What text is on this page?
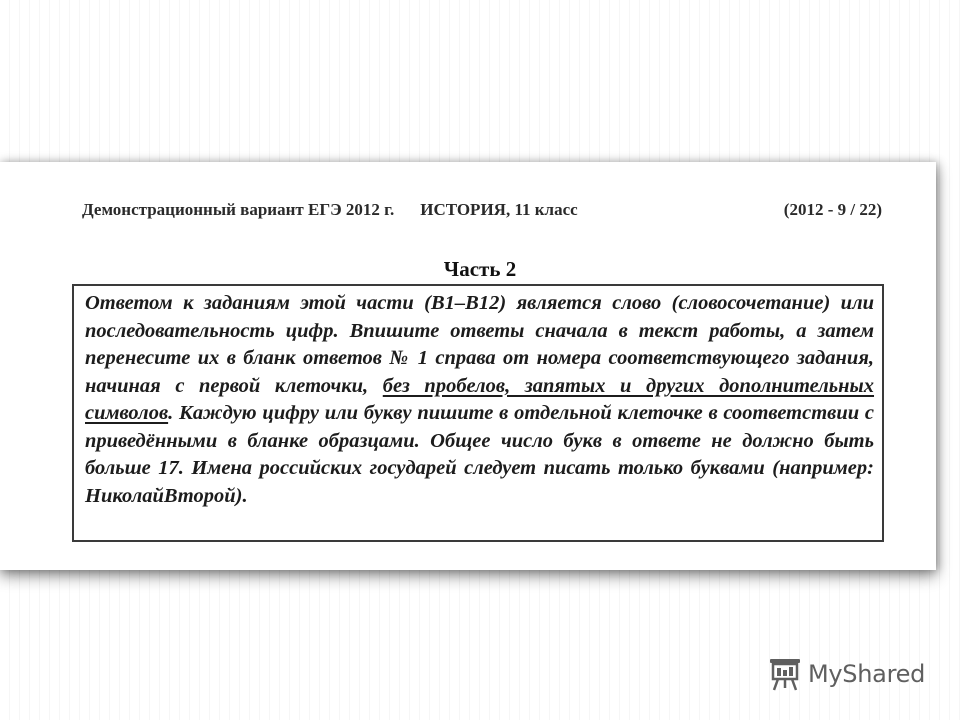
Демонстрационный вариант ЕГЭ 2012 г. ИСТОРИЯ, 11 класс	(2012 - 9 / 22)
Часть 2

Ответом к заданиям этой части (В1–В12) является слово (словосочетание) или последовательность цифр. Впишите ответы сначала в текст работы, а затем перенесите их в бланк ответов № 1 справа от номера соответствующего задания, начиная с первой клеточки, без пробелов, запятых и других дополнительных символов. Каждую цифру или букву пишите в отдельной клеточке в соответствии с приведёнными в бланке образцами. Общее число букв в ответе не должно быть больше 17. Имена российских государей следует писать только буквами (например: НиколайВторой).

MyShared
